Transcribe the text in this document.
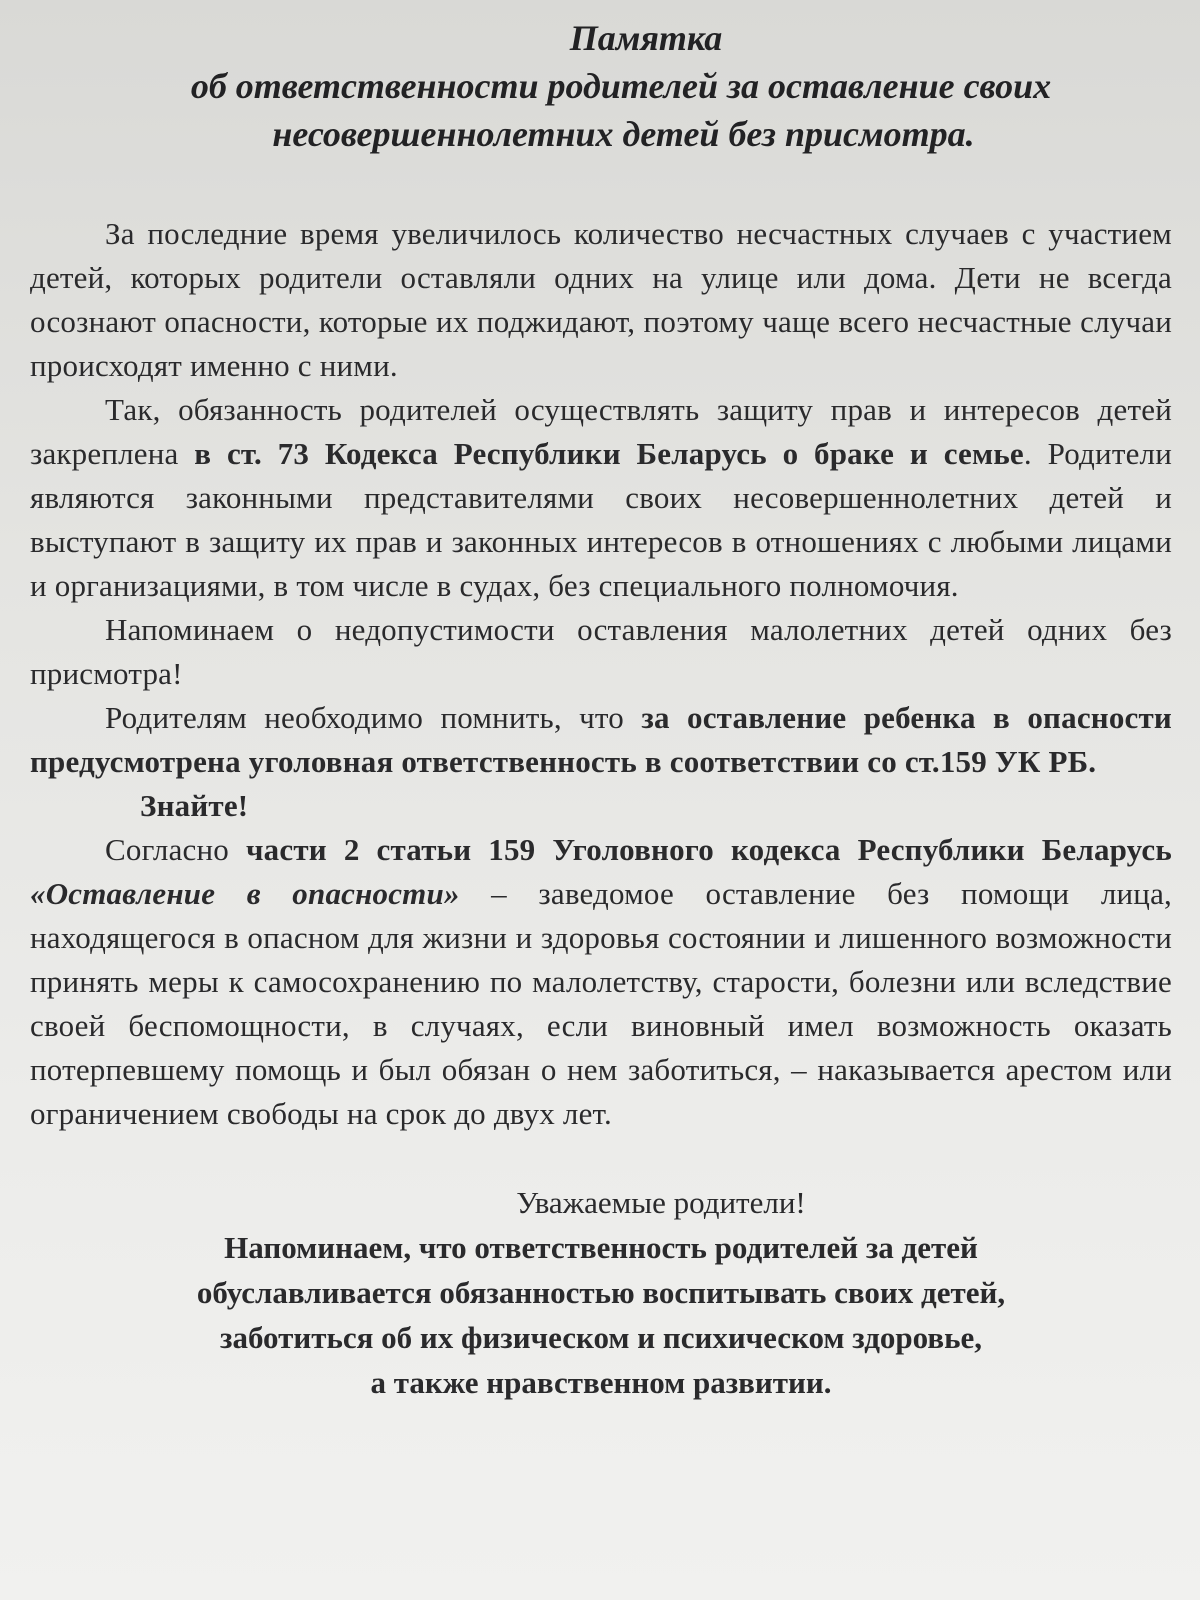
Памятка
об ответственности родителей за оставление своих
несовершеннолетних детей без присмотра.

За последние время увеличилось количество несчастных случаев с участием детей, которых родители оставляли одних на улице или дома. Дети не всегда осознают опасности, которые их поджидают, поэтому чаще всего несчастные случаи происходят именно с ними.

Так, обязанность родителей осуществлять защиту прав и интересов детей закреплена в ст. 73 Кодекса Республики Беларусь о браке и семье. Родители являются законными представителями своих несовершеннолетних детей и выступают в защиту их прав и законных интересов в отношениях с любыми лицами и организациями, в том числе в судах, без специального полномочия.

Напоминаем о недопустимости оставления малолетних детей одних без присмотра!

Родителям необходимо помнить, что за оставление ребенка в опасности предусмотрена уголовная ответственность в соответствии со ст.159 УК РБ.

Знайте!

Согласно части 2 статьи 159 Уголовного кодекса Республики Беларусь «Оставление в опасности» – заведомое оставление без помощи лица, находящегося в опасном для жизни и здоровья состоянии и лишенного возможности принять меры к самосохранению по малолетству, старости, болезни или вследствие своей беспомощности, в случаях, если виновный имел возможность оказать потерпевшему помощь и был обязан о нем заботиться, – наказывается арестом или ограничением свободы на срок до двух лет.

Уважаемые родители!

Напоминаем, что ответственность родителей за детей
обуславливается обязанностью воспитывать своих детей,
заботиться об их физическом и психическом здоровье,
а также нравственном развитии.
